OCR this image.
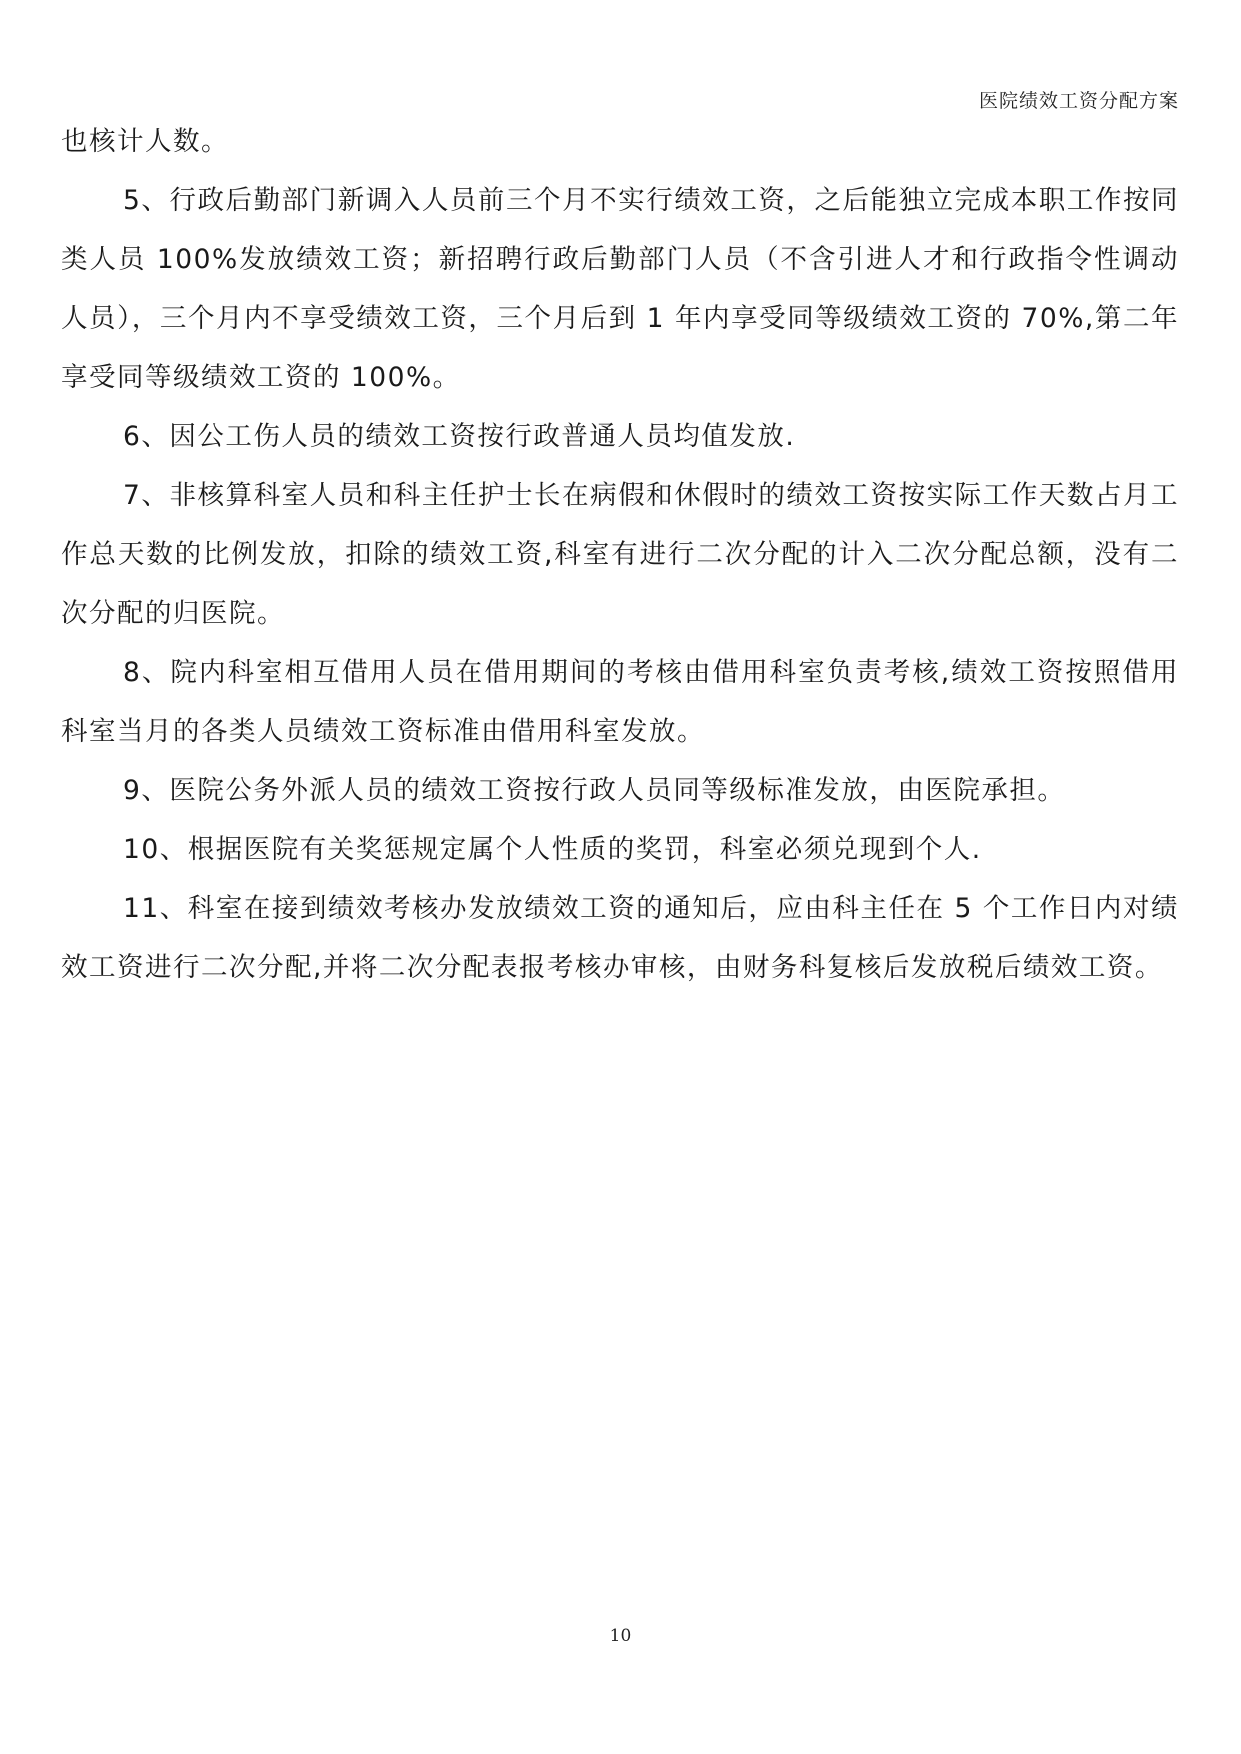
医院绩效工资分配方案

也核计人数。

5、行政后勤部门新调入人员前三个月不实行绩效工资，之后能独立完成本职工作按同类人员 100%发放绩效工资；新招聘行政后勤部门人员（不含引进人才和行政指令性调动人员），三个月内不享受绩效工资，三个月后到 1 年内享受同等级绩效工资的 70%,第二年享受同等级绩效工资的 100%。

6、因公工伤人员的绩效工资按行政普通人员均值发放.

7、非核算科室人员和科主任护士长在病假和休假时的绩效工资按实际工作天数占月工作总天数的比例发放，扣除的绩效工资,科室有进行二次分配的计入二次分配总额，没有二次分配的归医院。

8、院内科室相互借用人员在借用期间的考核由借用科室负责考核,绩效工资按照借用科室当月的各类人员绩效工资标准由借用科室发放。

9、医院公务外派人员的绩效工资按行政人员同等级标准发放，由医院承担。

10、根据医院有关奖惩规定属个人性质的奖罚，科室必须兑现到个人.

11、科室在接到绩效考核办发放绩效工资的通知后，应由科主任在 5 个工作日内对绩效工资进行二次分配,并将二次分配表报考核办审核，由财务科复核后发放税后绩效工资。

10
